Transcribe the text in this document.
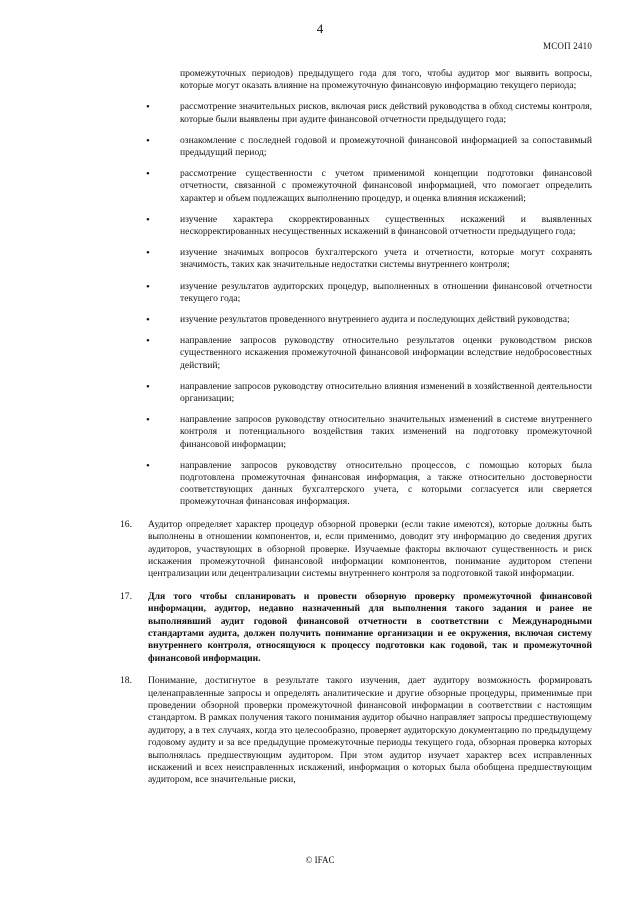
4
МСОП 2410

промежуточных периодов) предыдущего года для того, чтобы аудитор мог выявить вопросы, которые могут оказать влияние на промежуточную финансовую информацию текущего периода;

•	рассмотрение значительных рисков, включая риск действий руководства в обход системы контроля, которые были выявлены при аудите финансовой отчетности предыдущего года;
•	ознакомление с последней годовой и промежуточной финансовой информацией за сопоставимый предыдущий период;
•	рассмотрение существенности с учетом применимой концепции подготовки финансовой отчетности, связанной с промежуточной финансовой информацией, что помогает определить характер и объем подлежащих выполнению процедур, и оценка влияния искажений;
•	изучение характера скорректированных существенных искажений и выявленных нескорректированных несущественных искажений в финансовой отчетности предыдущего года;
•	изучение значимых вопросов бухгалтерского учета и отчетности, которые могут сохранять значимость, таких как значительные недостатки системы внутреннего контроля;
•	изучение результатов аудиторских процедур, выполненных в отношении финансовой отчетности текущего года;
•	изучение результатов проведенного внутреннего аудита и последующих действий руководства;
•	направление запросов руководству относительно результатов оценки руководством рисков существенного искажения промежуточной финансовой информации вследствие недобросовестных действий;
•	направление запросов руководству относительно влияния изменений в хозяйственной деятельности организации;
•	направление запросов руководству относительно значительных изменений в системе внутреннего контроля и потенциального воздействия таких изменений на подготовку промежуточной финансовой информации;
•	направление запросов руководству относительно процессов, с помощью которых была подготовлена промежуточная финансовая информация, а также относительно достоверности соответствующих данных бухгалтерского учета, с которыми согласуется или сверяется промежуточная финансовая информация.
16. Аудитор определяет характер процедур обзорной проверки (если такие имеются), которые должны быть выполнены в отношении компонентов, и, если применимо, доводит эту информацию до сведения других аудиторов, участвующих в обзорной проверке. Изучаемые факторы включают существенность и риск искажения промежуточной финансовой информации компонентов, понимание аудитором степени централизации или децентрализации системы внутреннего контроля за подготовкой такой информации.
17. Для того чтобы спланировать и провести обзорную проверку промежуточной финансовой информации, аудитор, недавно назначенный для выполнения такого задания и ранее не выполнявший аудит годовой финансовой отчетности в соответствии с Международными стандартами аудита, должен получить понимание организации и ее окружения, включая систему внутреннего контроля, относящуюся к процессу подготовки как годовой, так и промежуточной финансовой информации.
18. Понимание, достигнутое в результате такого изучения, дает аудитору возможность формировать целенаправленные запросы и определять аналитические и другие обзорные процедуры, применимые при проведении обзорной проверки промежуточной финансовой информации в соответствии с настоящим стандартом. В рамках получения такого понимания аудитор обычно направляет запросы предшествующему аудитору, а в тех случаях, когда это целесообразно, проверяет аудиторскую документацию по предыдущему годовому аудиту и за все предыдущие промежуточные периоды текущего года, обзорная проверка которых выполнялась предшествующим аудитором. При этом аудитор изучает характер всех исправленных искажений и всех неисправленных искажений, информация о которых была обобщена предшествующим аудитором, все значительные риски,
© IFAC
